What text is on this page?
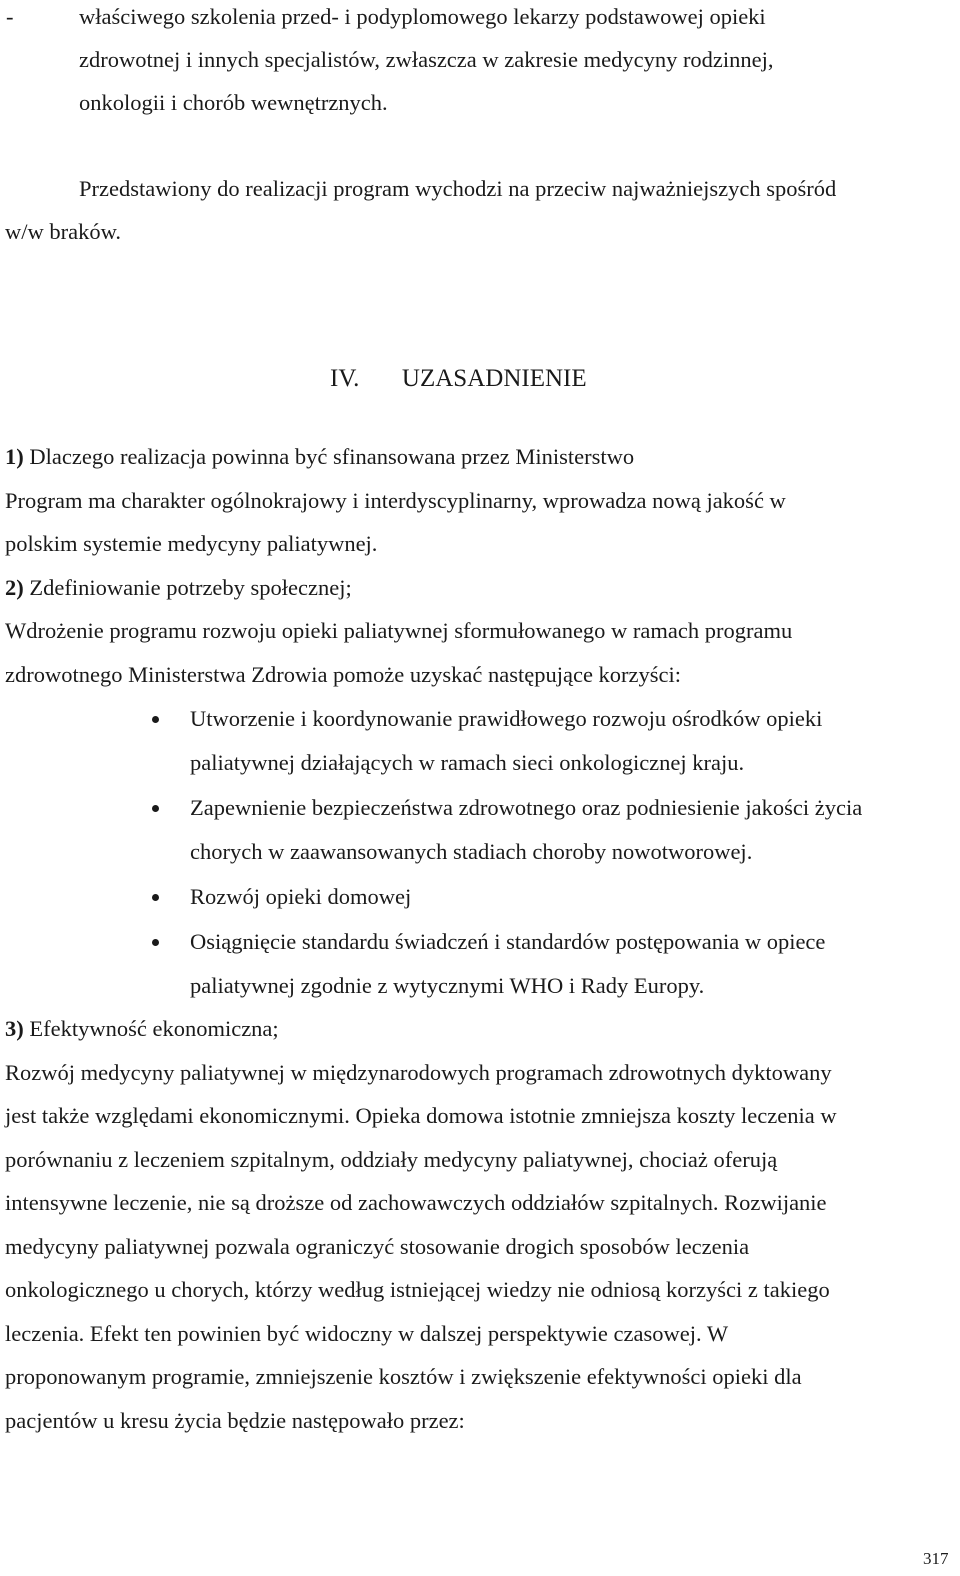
-	właściwego szkolenia przed- i podyplomowego lekarzy podstawowej opieki
zdrowotnej i innych specjalistów, zwłaszcza w zakresie medycyny rodzinnej,
onkologii i chorób wewnętrznych.
Przedstawiony do realizacji program wychodzi na przeciw najważniejszych spośród
w/w braków.
IV. UZASADNIENIE
1) Dlaczego realizacja powinna być sfinansowana przez Ministerstwo
Program ma charakter ogólnokrajowy i interdyscyplinarny, wprowadza nową jakość w
polskim systemie medycyny paliatywnej.
2) Zdefiniowanie potrzeby społecznej;
Wdrożenie programu rozwoju opieki paliatywnej sformułowanego w ramach programu
zdrowotnego Ministerstwa Zdrowia pomoże uzyskać następujące korzyści:
Utworzenie i koordynowanie prawidłowego rozwoju ośrodków opieki
paliatywnej działających w ramach sieci onkologicznej kraju.
Zapewnienie bezpieczeństwa zdrowotnego oraz podniesienie jakości życia
chorych w zaawansowanych stadiach choroby nowotworowej.
Rozwój opieki domowej
Osiągnięcie standardu świadczeń i standardów postępowania w opiece
paliatywnej zgodnie z wytycznymi WHO i Rady Europy.
3) Efektywność ekonomiczna;
Rozwój medycyny paliatywnej w międzynarodowych programach zdrowotnych dyktowany
jest także względami ekonomicznymi. Opieka domowa istotnie zmniejsza koszty leczenia w
porównaniu z leczeniem szpitalnym, oddziały medycyny paliatywnej, chociaż oferują
intensywne leczenie, nie są droższe od zachowawczych oddziałów szpitalnych. Rozwijanie
medycyny paliatywnej pozwala ograniczyć stosowanie drogich sposobów leczenia
onkologicznego u chorych, którzy według istniejącej wiedzy nie odniosą korzyści z takiego
leczenia. Efekt ten powinien być widoczny w dalszej perspektywie czasowej. W
proponowanym programie, zmniejszenie kosztów i zwiększenie efektywności opieki dla
pacjentów u kresu życia będzie następowało przez:
317
